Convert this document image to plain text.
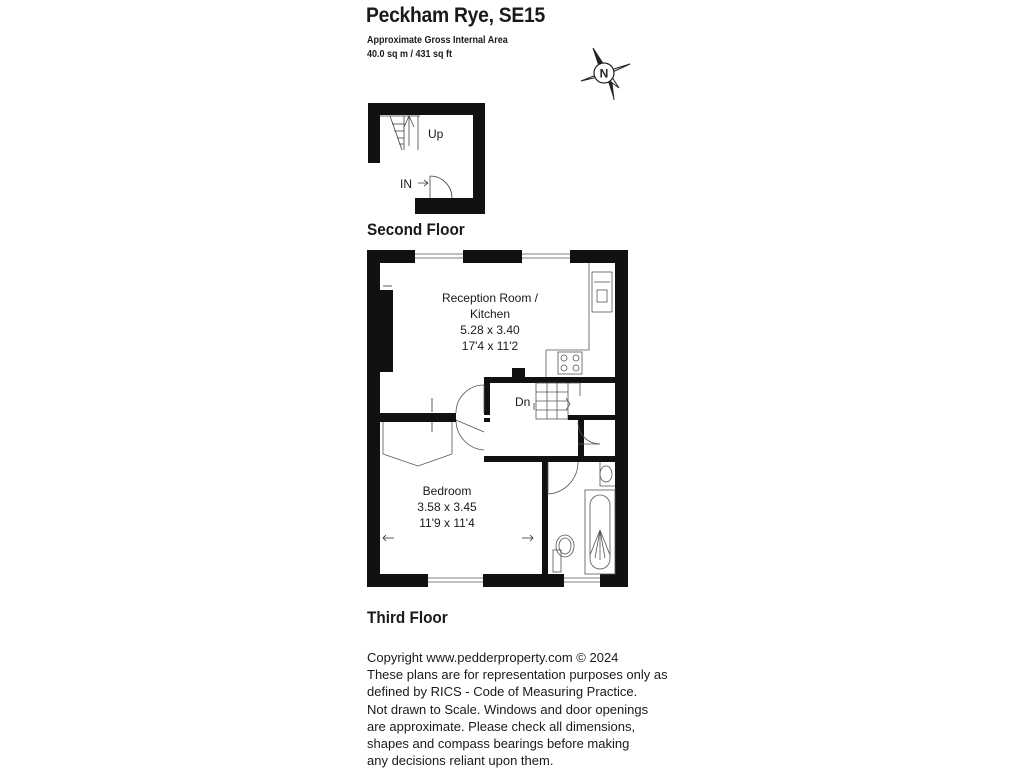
Peckham Rye, SE15
Approximate Gross Internal Area
40.0 sq m / 431 sq ft
N
Up
IN
Reception Room /
Kitchen
5.28 x 3.40
17'4 x 11'2
Dn
Bedroom
3.58 x 3.45
11'9 x 11'4
Second Floor
Third Floor
Copyright www.pedderproperty.com © 2024
These plans are for representation purposes only as
defined by RICS - Code of Measuring Practice.
Not drawn to Scale. Windows and door openings
are approximate. Please check all dimensions,
shapes and compass bearings before making
any decisions reliant upon them.
